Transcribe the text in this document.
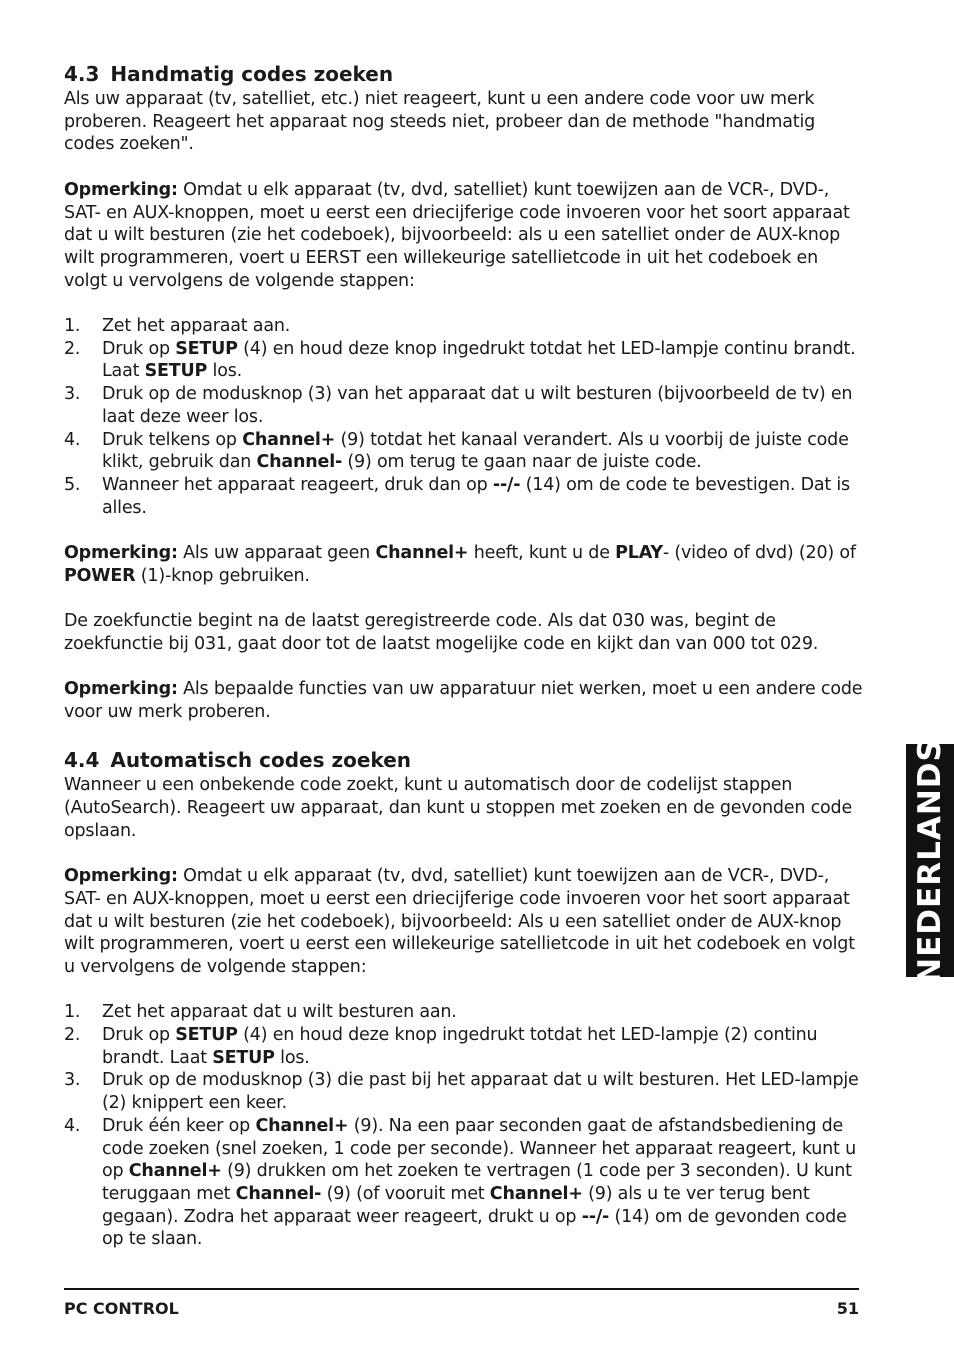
4.3 Handmatig codes zoeken

Als uw apparaat (tv, satelliet, etc.) niet reageert, kunt u een andere code voor uw merk proberen. Reageert het apparaat nog steeds niet, probeer dan de methode "handmatig codes zoeken".

Opmerking: Omdat u elk apparaat (tv, dvd, satelliet) kunt toewijzen aan de VCR-, DVD-, SAT- en AUX-knoppen, moet u eerst een driecijferige code invoeren voor het soort apparaat dat u wilt besturen (zie het codeboek), bijvoorbeeld: als u een satelliet onder de AUX-knop wilt programmeren, voert u EERST een willekeurige satellietcode in uit het codeboek en volgt u vervolgens de volgende stappen:

1. Zet het apparaat aan.
2. Druk op SETUP (4) en houd deze knop ingedrukt totdat het LED-lampje continu brandt. Laat SETUP los.
3. Druk op de modusknop (3) van het apparaat dat u wilt besturen (bijvoorbeeld de tv) en laat deze weer los.
4. Druk telkens op Channel+ (9) totdat het kanaal verandert. Als u voorbij de juiste code klikt, gebruik dan Channel- (9) om terug te gaan naar de juiste code.
5. Wanneer het apparaat reageert, druk dan op --/- (14) om de code te bevestigen. Dat is alles.

Opmerking: Als uw apparaat geen Channel+ heeft, kunt u de PLAY- (video of dvd) (20) of POWER (1)-knop gebruiken.

De zoekfunctie begint na de laatst geregistreerde code. Als dat 030 was, begint de zoekfunctie bij 031, gaat door tot de laatst mogelijke code en kijkt dan van 000 tot 029.

Opmerking: Als bepaalde functies van uw apparatuur niet werken, moet u een andere code voor uw merk proberen.

4.4 Automatisch codes zoeken

Wanneer u een onbekende code zoekt, kunt u automatisch door de codelijst stappen (AutoSearch). Reageert uw apparaat, dan kunt u stoppen met zoeken en de gevonden code opslaan.

Opmerking: Omdat u elk apparaat (tv, dvd, satelliet) kunt toewijzen aan de VCR-, DVD-, SAT- en AUX-knoppen, moet u eerst een driecijferige code invoeren voor het soort apparaat dat u wilt besturen (zie het codeboek), bijvoorbeeld: Als u een satelliet onder de AUX-knop wilt programmeren, voert u eerst een willekeurige satellietcode in uit het codeboek en volgt u vervolgens de volgende stappen:

1. Zet het apparaat dat u wilt besturen aan.
2. Druk op SETUP (4) en houd deze knop ingedrukt totdat het LED-lampje (2) continu brandt. Laat SETUP los.
3. Druk op de modusknop (3) die past bij het apparaat dat u wilt besturen. Het LED-lampje (2) knippert een keer.
4. Druk één keer op Channel+ (9). Na een paar seconden gaat de afstandsbediening de code zoeken (snel zoeken, 1 code per seconde). Wanneer het apparaat reageert, kunt u op Channel+ (9) drukken om het zoeken te vertragen (1 code per 3 seconden). U kunt teruggaan met Channel- (9) (of vooruit met Channel+ (9) als u te ver terug bent gegaan). Zodra het apparaat weer reageert, drukt u op --/- (14) om de gevonden code op te slaan.
NEDERLANDS
PC CONTROL	51
